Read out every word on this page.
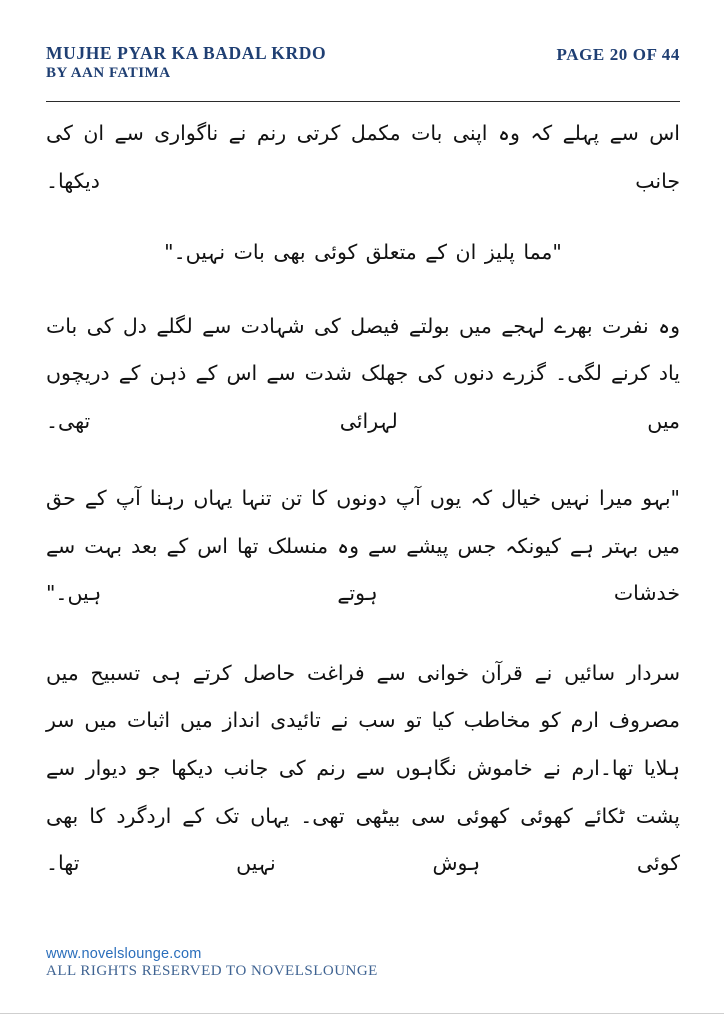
MUJHE PYAR KA BADAL KRDO
BY AAN FATIMA
PAGE 20 OF 44

اس سے پہلے کہ وہ اپنی بات مکمل کرتی رنم نے ناگواری سے ان کی جانب دیکھا۔

"مما پلیز ان کے متعلق کوئی بھی بات نہیں۔"

وہ نفرت بھرے لہجے میں بولتے فیصل کی شہادت سے لگلے دل کی بات یاد کرنے لگی۔ گزرے دنوں کی جھلک شدت سے اس کے ذہن کے دریچوں میں لہرائی تھی۔

"بہو میرا نہیں خیال کہ یوں آپ دونوں کا تن تنہا یہاں رہنا آپ کے حق میں بہتر ہے کیونکہ جس پیشے سے وہ منسلک تھا اس کے بعد بہت سے خدشات ہوتے ہیں۔"

سردار سائیں نے قرآن خوانی سے فراغت حاصل کرتے ہی تسبیح میں مصروف ارم کو مخاطب کیا تو سب نے تائیدی انداز میں اثبات میں سر ہلایا تھا۔ارم نے خاموش نگاہوں سے رنم کی جانب دیکھا جو دیوار سے پشت ٹکائے کھوئی کھوئی سی بیٹھی تھی۔ یہاں تک کے اردگرد کا بھی کوئی ہوش نہیں تھا۔

www.novelslounge.com
ALL RIGHTS RESERVED TO NOVELSLOUNGE
